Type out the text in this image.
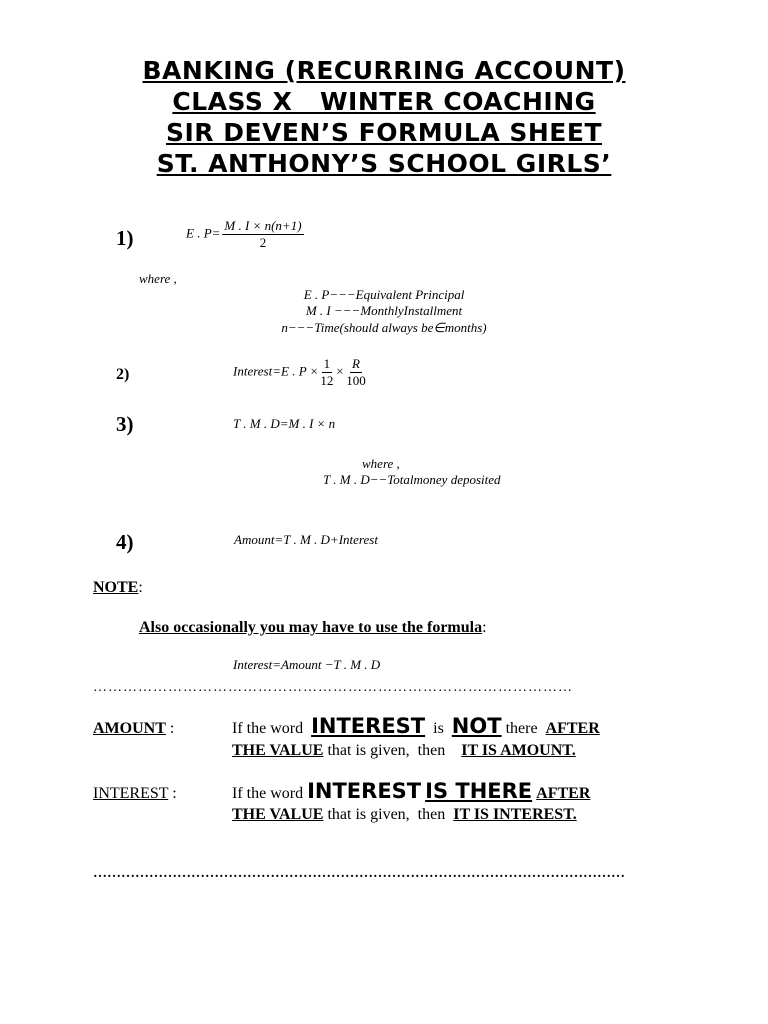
BANKING (RECURRING ACCOUNT)
CLASS X   WINTER COACHING
SIR DEVEN’S FORMULA SHEET
ST. ANTHONY’S SCHOOL GIRLS’
1)	E . $P= \frac{M . I \times n(n+1)}{2}$
where ,
E . P−−−Equivalent Principal
M . I −−−MonthlyInstallment
n−−−Time(should always be∈months)
2)	Interest=E . $P \times \frac{1}{12} \times \frac{R}{100}$
3)	T . M . D=M . I × n
where ,
T . M . D−−Totalmoney deposited
4)	Amount=T . M . D+Interest
NOTE:
Also occasionally you may have to use the formula:
Interest=Amount −T . M . D
……………………………………………………………………………………
AMOUNT :	If the word INTEREST is NOT there AFTER
THE VALUE that is given,  then IT IS AMOUNT.
INTEREST :	If the word INTEREST IS THERE AFTER
THE VALUE that is given,  then IT IS INTEREST.
……………………………………………………………………………………………………
